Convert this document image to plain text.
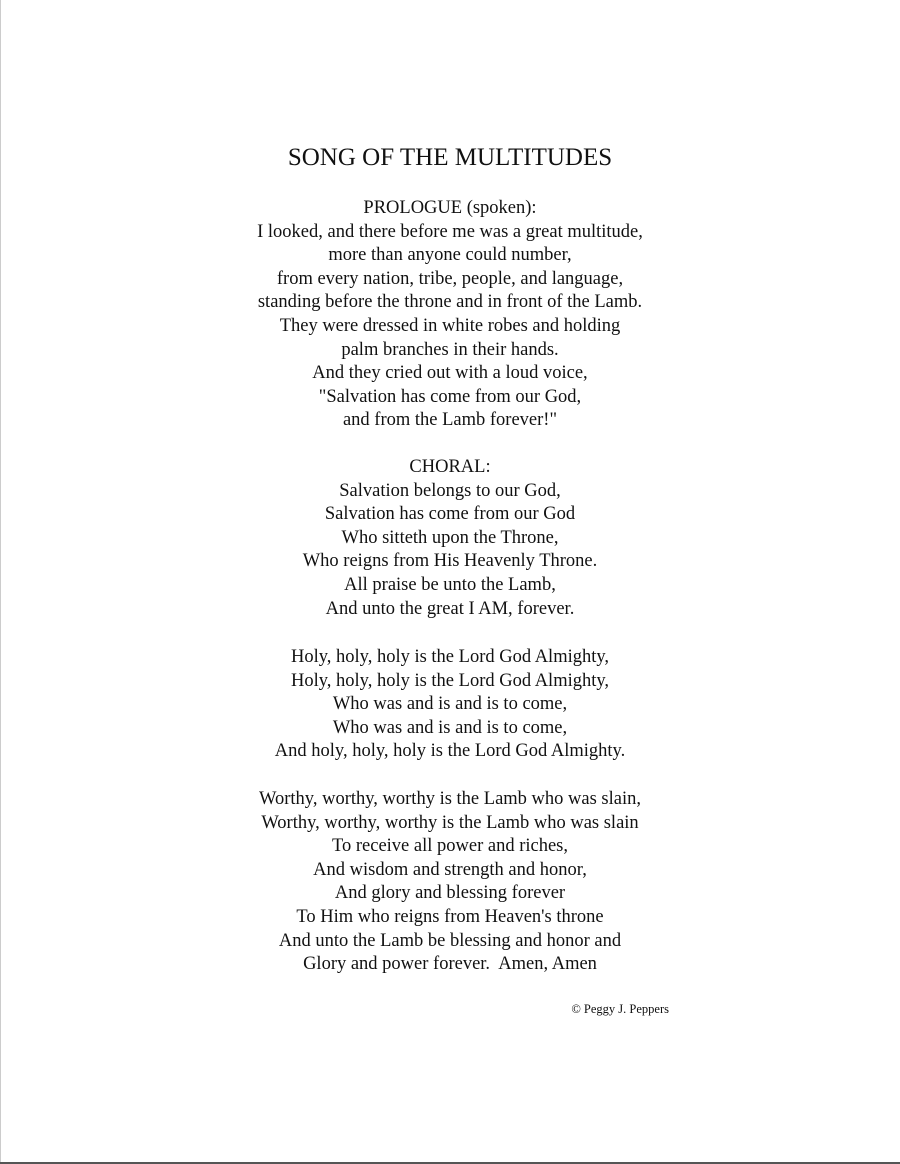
SONG OF THE MULTITUDES
PROLOGUE (spoken):
I looked, and there before me was a great multitude,
more than anyone could number,
from every nation, tribe, people, and language,
standing before the throne and in front of the Lamb.
They were dressed in white robes and holding
palm branches in their hands.
And they cried out with a loud voice,
"Salvation has come from our God,
and from the Lamb forever!"
CHORAL:
Salvation belongs to our God,
Salvation has come from our God
Who sitteth upon the Throne,
Who reigns from His Heavenly Throne.
All praise be unto the Lamb,
And unto the great I AM, forever.
Holy, holy, holy is the Lord God Almighty,
Holy, holy, holy is the Lord God Almighty,
Who was and is and is to come,
Who was and is and is to come,
And holy, holy, holy is the Lord God Almighty.
Worthy, worthy, worthy is the Lamb who was slain,
Worthy, worthy, worthy is the Lamb who was slain
To receive all power and riches,
And wisdom and strength and honor,
And glory and blessing forever
To Him who reigns from Heaven's throne
And unto the Lamb be blessing and honor and
Glory and power forever.  Amen, Amen
© Peggy J. Peppers
